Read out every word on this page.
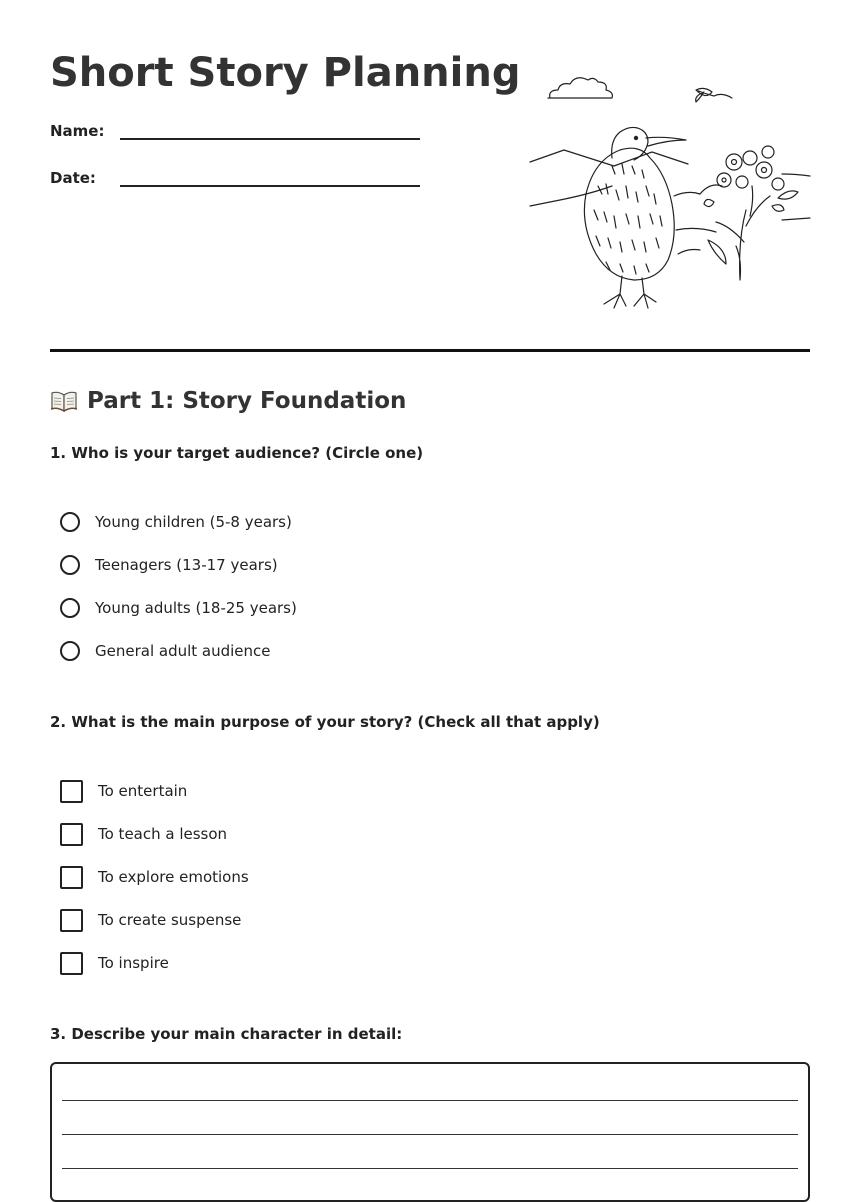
Short Story Planning
Name:
Date:
Part 1: Story Foundation

1. Who is your target audience? (Circle one)

Young children (5-8 years)
Teenagers (13-17 years)
Young adults (18-25 years)
General adult audience

2. What is the main purpose of your story? (Check all that apply)

To entertain
To teach a lesson
To explore emotions
To create suspense
To inspire

3. Describe your main character in detail:
